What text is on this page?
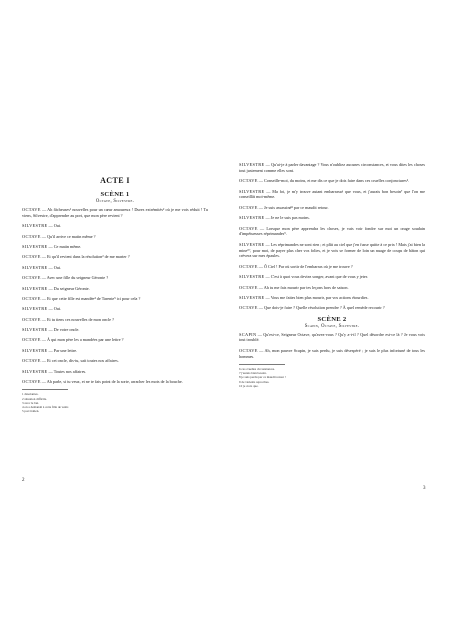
ACTE I
SCÈNE 1
Octave, Silvestre.

OCTAVE — Ah fâcheuses¹ nouvelles pour un cœur amoureux ! Dures extrémités² où je me vois réduit ! Tu viens, Silvestre, d'apprendre au port, que mon père revient ?

SILVESTRE — Oui.

OCTAVE — Qu'il arrive ce matin même ?

SILVESTRE — Ce matin même.

OCTAVE — Et qu'il revient dans la résolution³ de me marier ?

SILVESTRE — Oui.

OCTAVE — Avec une fille du seigneur Géronte ?

SILVESTRE — Du seigneur Géronte.

OCTAVE — Et que cette fille est mandée⁴ de Tarente⁵ ici pour cela ?

SILVESTRE — Oui.

OCTAVE — Et tu tiens ces nouvelles de mon oncle ?

SILVESTRE — De votre oncle.

OCTAVE — À qui mon père les a mandées par une lettre ?

SILVESTRE — Par une lettre.

OCTAVE — Et cet oncle, dis-tu, sait toutes nos affaires.

SILVESTRE — Toutes nos affaires.

OCTAVE — Ah parle, si tu veux, et ne te fais point de la sorte, arracher les mots de la bouche.

1 désolantes.
2 situation difficile.
3 avec le but.
4 on a demandé à cette fille de venir.
5 port italien.
2

SILVESTRE — Qu'ai-je à parler davantage ? Vous n'oubliez aucunes circonstances, et vous dites les choses tout justement comme elles sont.

OCTAVE — Conseille-moi, du moins, et me dis ce que je dois faire dans ces cruelles conjonctures⁶.

SILVESTRE — Ma foi, je m'y trouve autant embarrassé que vous, et j'aurais bon besoin⁷ que l'on me conseillât moi-même.

OCTAVE — Je suis assassiné⁸ par ce maudit retour.

SILVESTRE — Je ne le suis pas moins.

OCTAVE — Lorsque mon père apprendra les choses, je vais voir fondre sur moi un orage soudain d'impétueuses réprimandes⁹.

SILVESTRE — Les réprimandes ne sont rien ; et plût au ciel que j'en fusse quitte à ce prix ! Mais j'ai bien la mine¹⁰, pour moi, de payer plus cher vos folies, et je vois se former de loin un nuage de coups de bâton qui crèvera sur mes épaules.

OCTAVE — Ô Ciel ! Par où sortir de l'embarras où je me trouve ?

SILVESTRE — C'est à quoi vous deviez songer, avant que de vous y jeter.

OCTAVE — Ah tu me fais mourir par tes leçons hors de saison.

SILVESTRE — Vous me faites bien plus mourir, par vos actions étourdies.

OCTAVE — Que dois-je faire ? Quelle résolution prendre ? À quel remède recourir ?

SCÈNE 2
Scapin, Octave, Silvestre.

SCAPIN — Qu'est-ce, Seigneur Octave, qu'avez-vous ? Qu'y a-t-il ? Quel désordre est-ce là ? Je vous vois tout troublé.

OCTAVE — Ah, mon pauvre Scapin, je suis perdu, je suis désespéré ; je suis le plus infortuné de tous les hommes.

6 ces cruelles circonstances.
7 j'aurais bien besoin.
8 je suis perdu par ce maudit retour !
9 de violents reproches.
10 je crois que.
3
